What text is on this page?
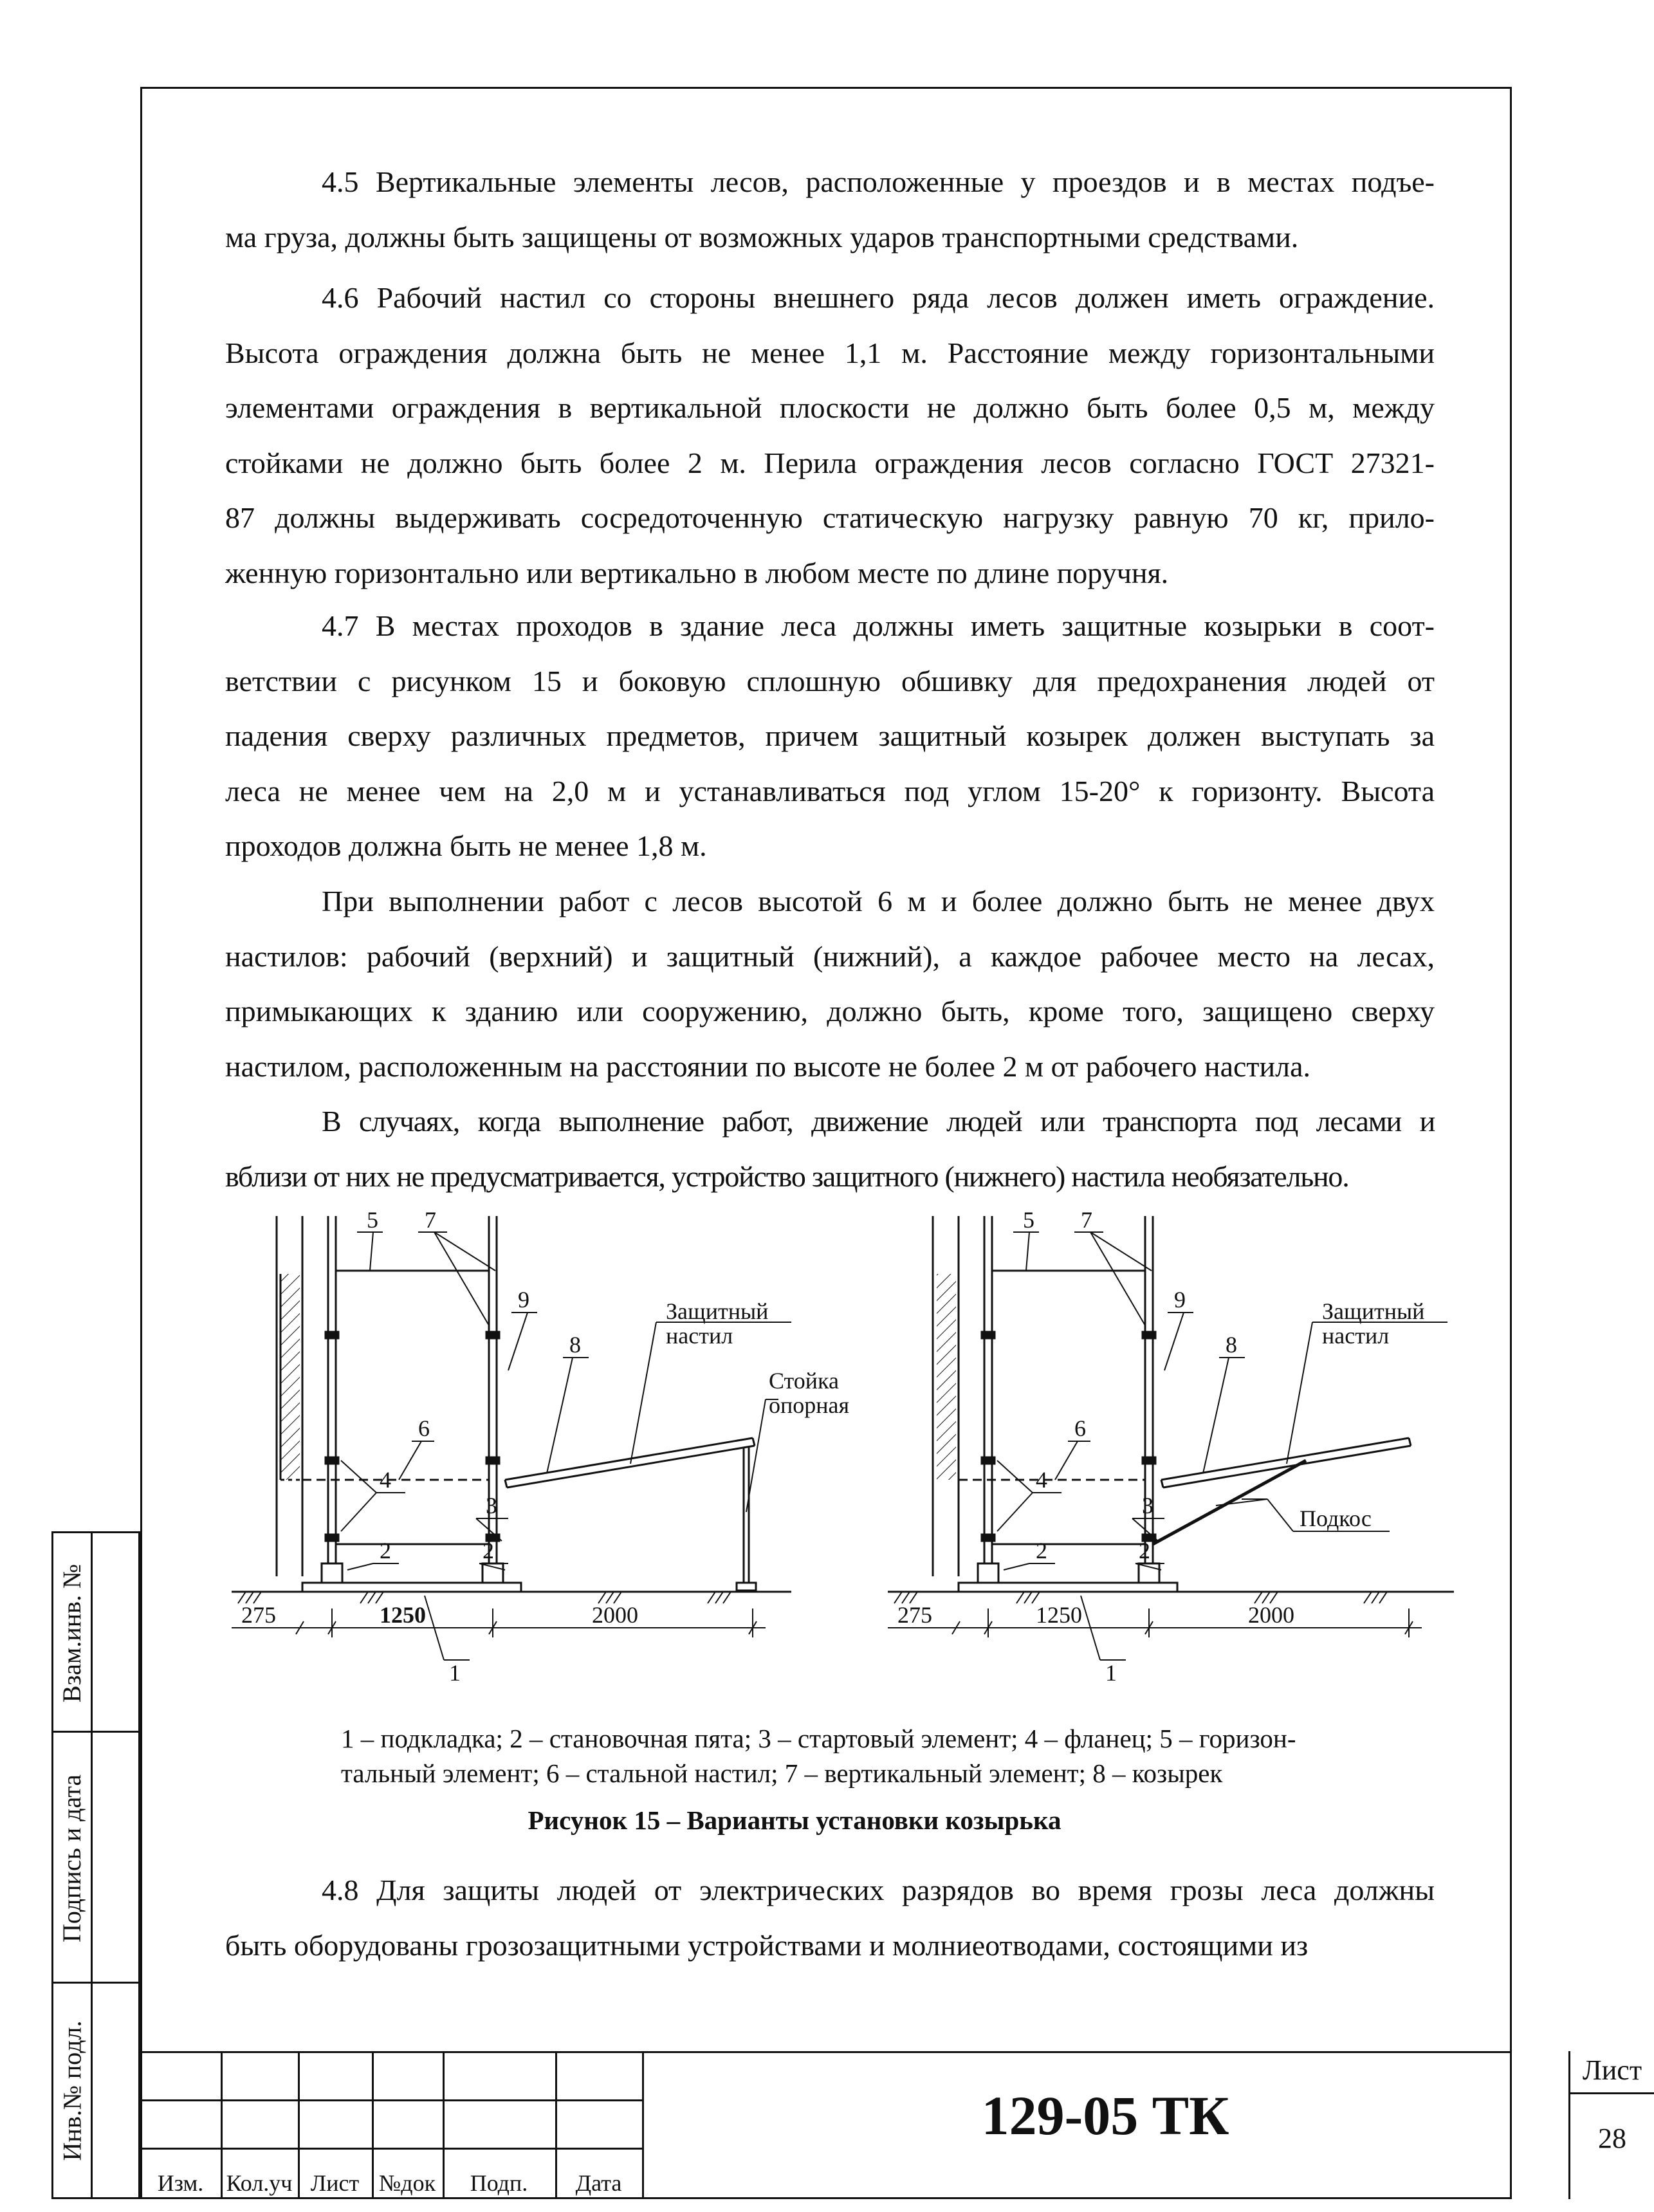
4.5 Вертикальные элементы лесов, расположенные у проездов и в местах подъе-
ма груза, должны быть защищены от возможных ударов транспортными средствами.
4.6 Рабочий настил со стороны внешнего ряда лесов должен иметь ограждение.
Высота ограждения должна быть не менее 1,1 м. Расстояние между горизонтальными
элементами ограждения в вертикальной плоскости не должно быть более 0,5 м, между
стойками не должно быть более 2 м. Перила ограждения лесов согласно ГОСТ 27321-
87 должны выдерживать сосредоточенную статическую нагрузку равную 70 кг, прило-
женную горизонтально или вертикально в любом месте по длине поручня.
4.7 В местах проходов в здание леса должны иметь защитные козырьки в соот-
ветствии с рисунком 15 и боковую сплошную обшивку для предохранения людей от
падения сверху различных предметов, причем защитный козырек должен выступать за
леса не менее чем на 2,0 м и устанавливаться под углом 15-20° к горизонту. Высота
проходов должна быть не менее 1,8 м.
При выполнении работ с лесов высотой 6 м и более должно быть не менее двух
настилов: рабочий (верхний) и защитный (нижний), а каждое рабочее место на лесах,
примыкающих к зданию или сооружению, должно быть, кроме того, защищено сверху
настилом, расположенным на расстоянии по высоте не более 2 м от рабочего настила.
В случаях, когда выполнение работ, движение людей или транспорта под лесами и
вблизи от них не предусматривается, устройство защитного (нижнего) настила необязательно.
5 7
9
8
6
Защитный
настил
Стойка
опорная
4
3
2	2
275	1250	2000
1
5 7
9
8
6
Защитный
настил
Подкос
4
3
2	2
275	1250	2000
1
1 – подкладка; 2 – становочная пята; 3 – стартовый элемент; 4 – фланец; 5 – горизон-
тальный элемент; 6 – стальной настил; 7 – вертикальный элемент; 8 – козырек
Рисунок 15 – Варианты установки козырька
4.8 Для защиты людей от электрических разрядов во время грозы леса должны
быть оборудованы грозозащитными устройствами и молниеотводами, состоящими из
Взам.инв. №
Подпись и дата
Инв.№ подл.
Изм. Кол.уч Лист №док	Подп.	Дата
129-05 ТК
Лист
28
